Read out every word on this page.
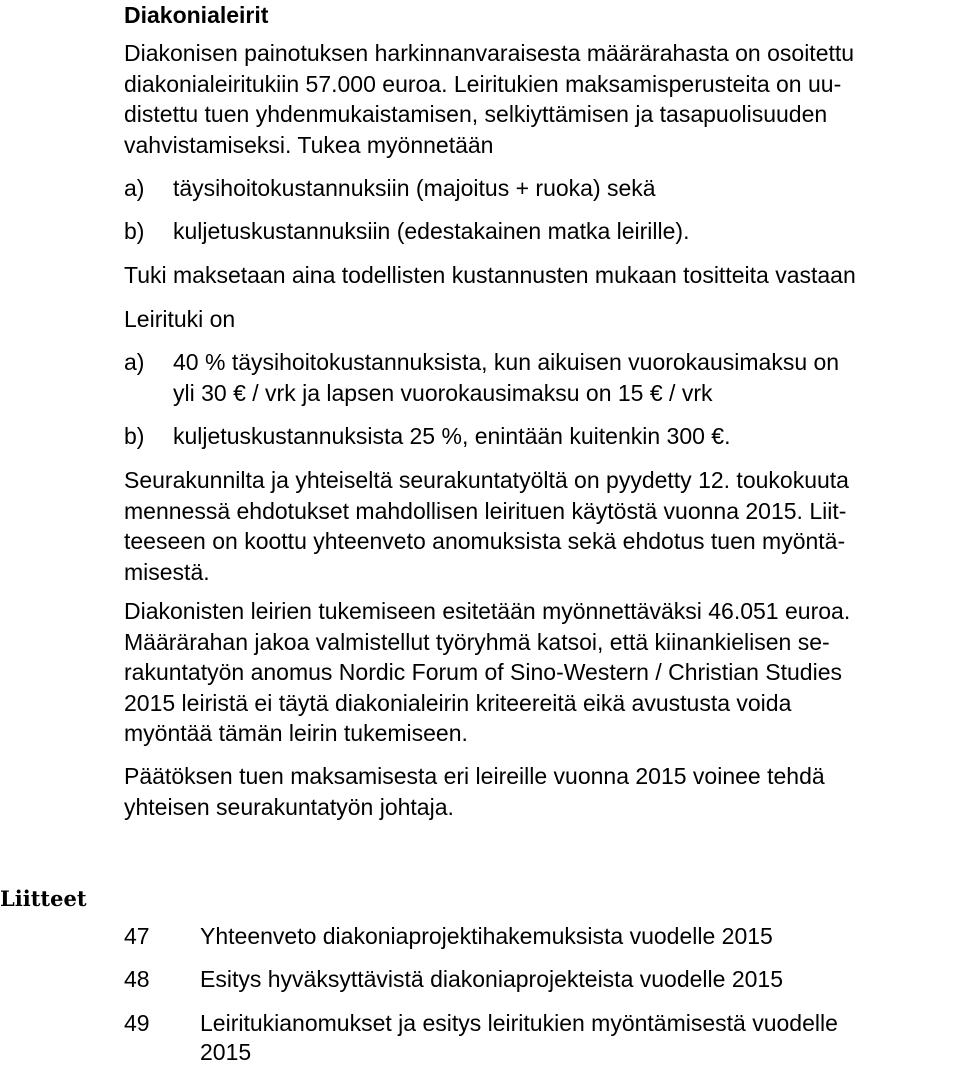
Diakonialeirit
Diakonisen painotuksen harkinnanvaraisesta määrärahasta on osoitettu
diakonialeiritukiin 57.000 euroa. Leiritukien maksamisperusteita on uu-
distettu tuen yhdenmukaistamisen, selkiyttämisen ja tasapuolisuuden
vahvistamiseksi. Tukea myönnetään
a) täysihoitokustannuksiin (majoitus + ruoka) sekä
b) kuljetuskustannuksiin (edestakainen matka leirille).
Tuki maksetaan aina todellisten kustannusten mukaan tositteita vastaan
Leirituki on
a) 40 % täysihoitokustannuksista, kun aikuisen vuorokausimaksu on
yli 30 € / vrk ja lapsen vuorokausimaksu on 15 € / vrk
b) kuljetuskustannuksista 25 %, enintään kuitenkin 300 €.
Seurakunnilta ja yhteiseltä seurakuntatyöltä on pyydetty 12. toukokuuta
mennessä ehdotukset mahdollisen leirituen käytöstä vuonna 2015. Liit-
teeseen on koottu yhteenveto anomuksista sekä ehdotus tuen myöntä-
misestä.
Diakonisten leirien tukemiseen esitetään myönnettäväksi 46.051 euroa.
Määrärahan jakoa valmistellut työryhmä katsoi, että kiinankielisen se-
rakuntatyön anomus Nordic Forum of Sino-Western / Christian Studies
2015 leiristä ei täytä diakonialeirin kriteereitä eikä avustusta voida
myöntää tämän leirin tukemiseen.
Päätöksen tuen maksamisesta eri leireille vuonna 2015 voinee tehdä
yhteisen seurakuntatyön johtaja.
Liitteet
47 Yhteenveto diakoniaprojektihakemuksista vuodelle 2015
48 Esitys hyväksyttävistä diakoniaprojekteista vuodelle 2015
49 Leiritukianomukset ja esitys leiritukien myöntämisestä vuodelle
2015
